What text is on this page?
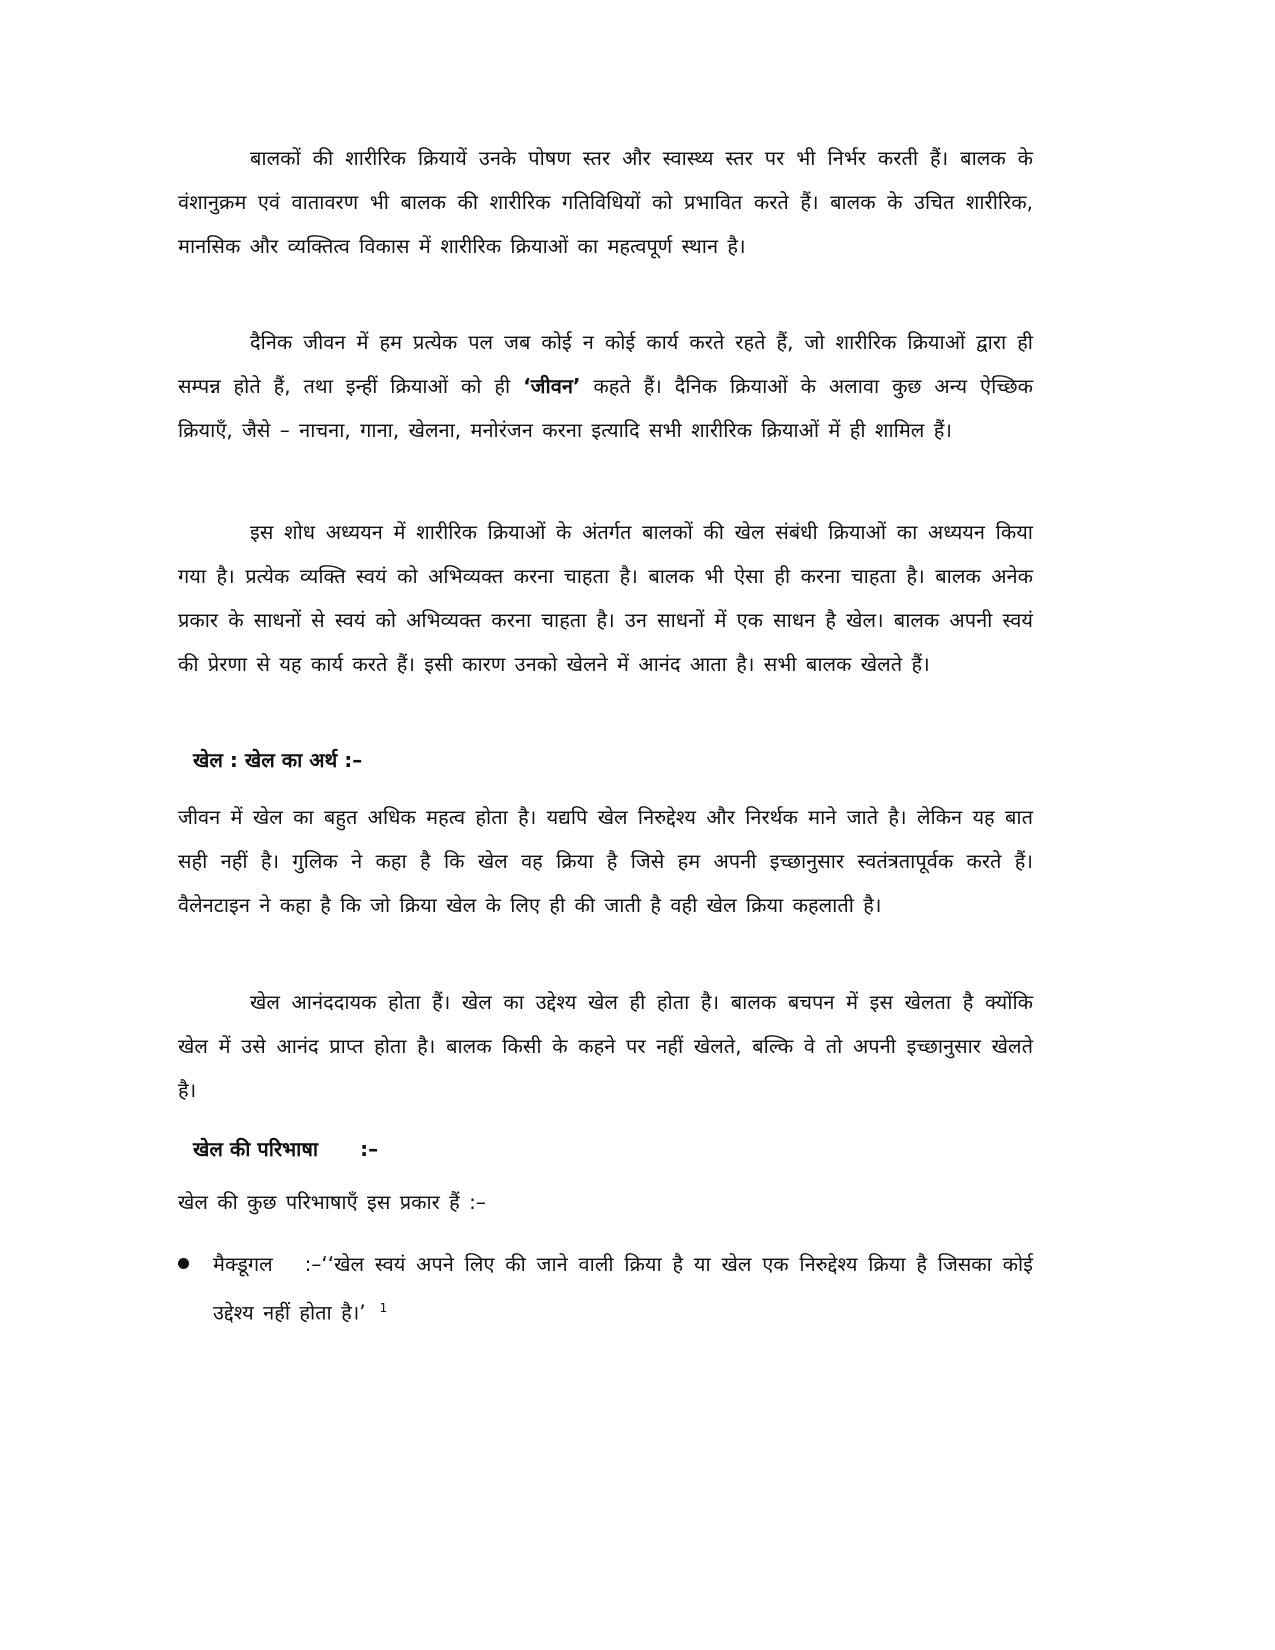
बालकों की शारीरिक क्रियायें उनके पोषण स्तर और स्वास्थ्य स्तर पर भी निर्भर करती हैं। बालक के वंशानुक्रम एवं वातावरण भी बालक की शारीरिक गतिविधियों को प्रभावित करते हैं। बालक के उचित शारीरिक, मानसिक और व्यक्तित्व विकास में शारीरिक क्रियाओं का महत्वपूर्ण स्थान है।

दैनिक जीवन में हम प्रत्येक पल जब कोई न कोई कार्य करते रहते हैं, जो शारीरिक क्रियाओं द्वारा ही सम्पन्न होते हैं, तथा इन्हीं क्रियाओं को ही ‘जीवन’ कहते हैं। दैनिक क्रियाओं के अलावा कुछ अन्य ऐच्छिक क्रियाएँ, जैसे – नाचना, गाना, खेलना, मनोरंजन करना इत्यादि सभी शारीरिक क्रियाओं में ही शामिल हैं।

इस शोध अध्ययन में शारीरिक क्रियाओं के अंतर्गत बालकों की खेल संबंधी क्रियाओं का अध्ययन किया गया है। प्रत्येक व्यक्ति स्वयं को अभिव्यक्त करना चाहता है। बालक भी ऐसा ही करना चाहता है। बालक अनेक प्रकार के साधनों से स्वयं को अभिव्यक्त करना चाहता है। उन साधनों में एक साधन है खेल। बालक अपनी स्वयं की प्रेरणा से यह कार्य करते हैं। इसी कारण उनको खेलने में आनंद आता है। सभी बालक खेलते हैं।

खेल : खेल का अर्थ :–

जीवन में खेल का बहुत अधिक महत्व होता है। यद्यपि खेल निरुद्देश्य और निरर्थक माने जाते है। लेकिन यह बात सही नहीं है। गुलिक ने कहा है कि खेल वह क्रिया है जिसे हम अपनी इच्छानुसार स्वतंत्रतापूर्वक करते हैं। वैलेनटाइन ने कहा है कि जो क्रिया खेल के लिए ही की जाती है वही खेल क्रिया कहलाती है।

खेल आनंददायक होता हैं। खेल का उद्देश्य खेल ही होता है। बालक बचपन में इस खेलता है क्योंकि खेल में उसे आनंद प्राप्त होता है। बालक किसी के कहने पर नहीं खेलते, बल्कि वे तो अपनी इच्छानुसार खेलते है।

खेल की परिभाषा :–

खेल की कुछ परिभाषाएँ इस प्रकार हैं :–

मैक्डूगल :–‘‘खेल स्वयं अपने लिए की जाने वाली क्रिया है या खेल एक निरुद्देश्य क्रिया है जिसका कोई उद्देश्य नहीं होता है।’ $^1$
